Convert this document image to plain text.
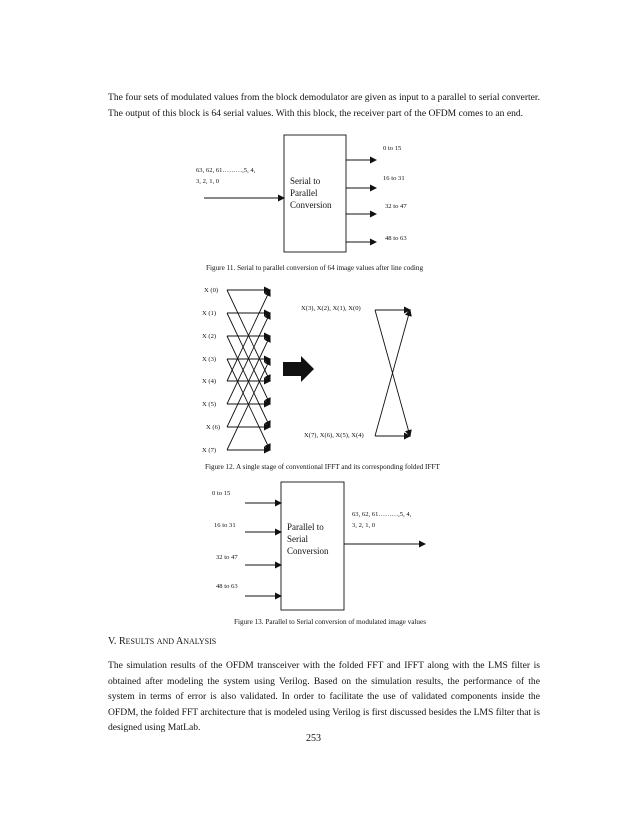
The four sets of modulated values from the block demodulator are given as input to a parallel to serial converter. The output of this block is 64 serial values. With this block, the receiver part of the OFDM comes to an end.

63, 62, 61………,5, 4,
3, 2, 1, 0	Serial to
Parallel
Conversion
0 to 15
16 to 31
32 to 47
48 to 63
X (0)
X (1)
X (2)
X (3)
X (4)
X (5)
X (6)
X (7)
X(3), X(2), X(1), X(0)
X(7), X(6), X(5), X(4)
0 to 15
16 to 31
32 to 47
48 to 63
Parallel to
Serial
Conversion
63, 62, 61………,5, 4,
3, 2, 1, 0

Figure 11. Serial to parallel conversion of 64 image values after line coding

Figure 12. A single stage of conventional IFFT and its corresponding folded IFFT

Figure 13. Parallel to Serial conversion of modulated image values

V. RESULTS AND ANALYSIS

The simulation results of the OFDM transceiver with the folded FFT and IFFT along with the LMS filter is obtained after modeling the system using Verilog. Based on the simulation results, the performance of the system in terms of error is also validated. In order to facilitate the use of validated components inside the OFDM, the folded FFT architecture that is modeled using Verilog is first discussed besides the LMS filter that is designed using MatLab.

253
